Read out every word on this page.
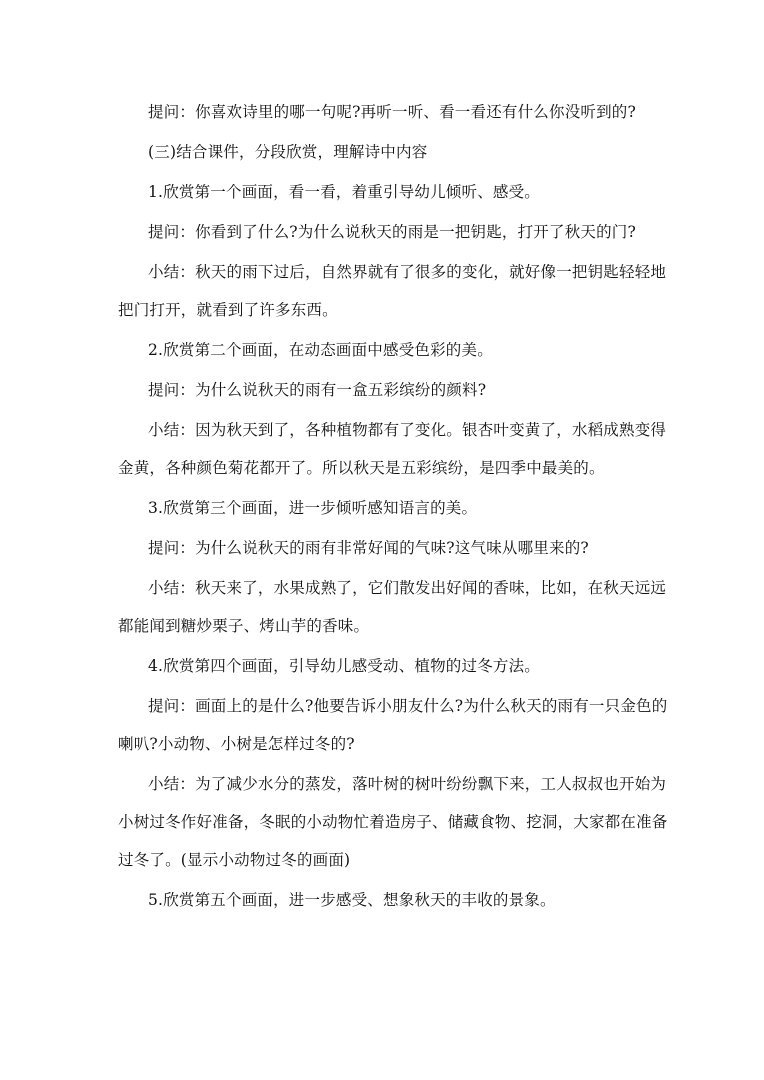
提问：你喜欢诗里的哪一句呢?再听一听、看一看还有什么你没听到的?
(三)结合课件，分段欣赏，理解诗中内容
1.欣赏第一个画面，看一看，着重引导幼儿倾听、感受。
提问：你看到了什么?为什么说秋天的雨是一把钥匙，打开了秋天的门?
小结：秋天的雨下过后，自然界就有了很多的变化，就好像一把钥匙轻轻地
把门打开，就看到了许多东西。
2.欣赏第二个画面，在动态画面中感受色彩的美。
提问：为什么说秋天的雨有一盒五彩缤纷的颜料?
小结：因为秋天到了，各种植物都有了变化。银杏叶变黄了，水稻成熟变得
金黄，各种颜色菊花都开了。所以秋天是五彩缤纷，是四季中最美的。
3.欣赏第三个画面，进一步倾听感知语言的美。
提问：为什么说秋天的雨有非常好闻的气味?这气味从哪里来的?
小结：秋天来了，水果成熟了，它们散发出好闻的香味，比如，在秋天远远
都能闻到糖炒栗子、烤山芋的香味。
4.欣赏第四个画面，引导幼儿感受动、植物的过冬方法。
提问：画面上的是什么?他要告诉小朋友什么?为什么秋天的雨有一只金色的
喇叭?小动物、小树是怎样过冬的?
小结：为了减少水分的蒸发，落叶树的树叶纷纷飘下来，工人叔叔也开始为
小树过冬作好准备，冬眠的小动物忙着造房子、储藏食物、挖洞，大家都在准备
过冬了。(显示小动物过冬的画面)
5.欣赏第五个画面，进一步感受、想象秋天的丰收的景象。
